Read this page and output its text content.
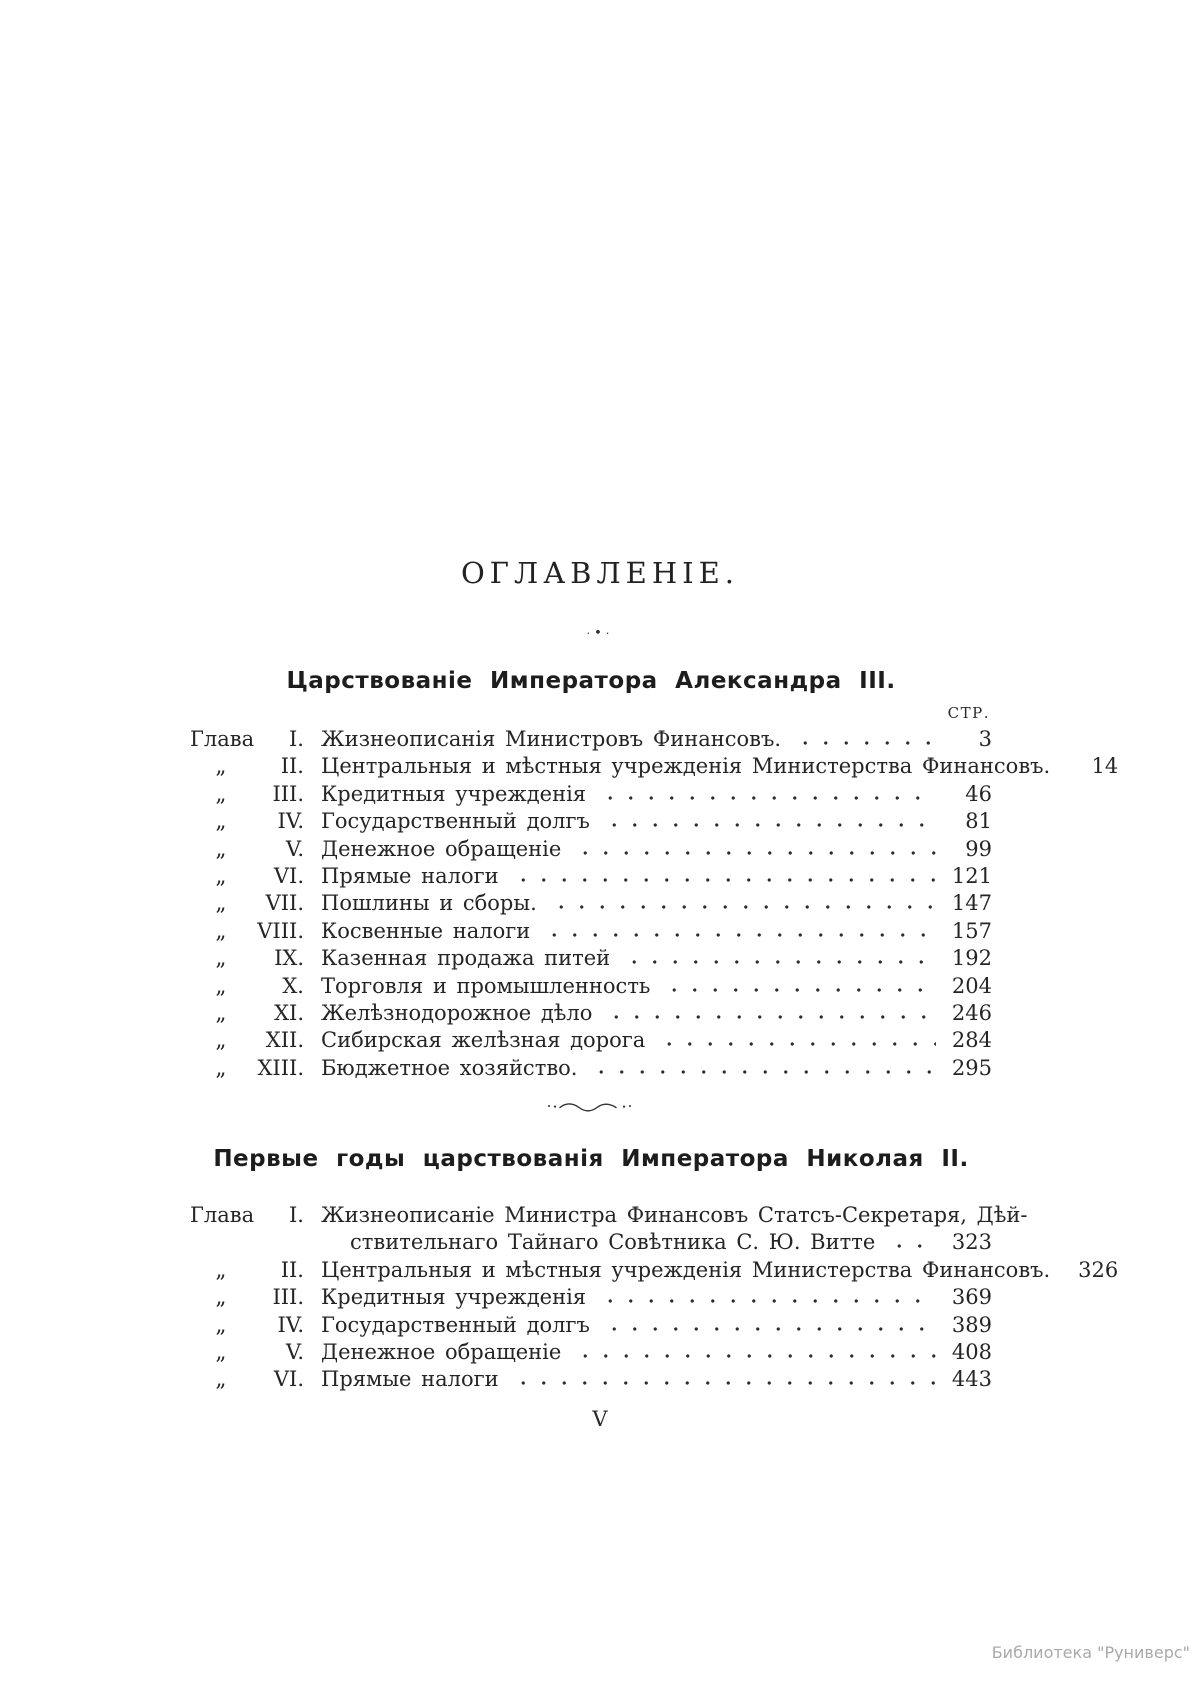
ОГЛАВЛЕНІЕ.
·•·
Царствованіе Императора Александра III.
СТР.
Глава	I. Жизнеописанія Министровъ Финансовъ.	3
„	II. Центральныя и мѣстныя учрежденія Министерства Финансовъ.	14
„	III. Кредитныя учрежденія	46
„	IV. Государственный долгъ	81
„	V. Денежное обращеніе	99
„	VI. Прямые налоги	121
„	VII. Пошлины и сборы.	147
„	VIII. Косвенные налоги	157
„	IX. Казенная продажа питей	192
„	X. Торговля и промышленность	204
„	XI. Желѣзнодорожное дѣло	246
„	XII. Сибирская желѣзная дорога	284
„	XIII. Бюджетное хозяйство.	295
Первые годы царствованія Императора Николая II.
Глава	I. Жизнеописаніе Министра Финансовъ Статсъ-Секретаря, Дѣй-
ствительнаго Тайнаго Совѣтника С. Ю. Витте	323
„	II. Центральныя и мѣстныя учрежденія Министерства Финансовъ. 326
„	III. Кредитныя учрежденія	369
„	IV. Государственный долгъ	389
„	V. Денежное обращеніе	408
„	VI. Прямые налоги	443
V
Библиотека "Руниверс"
